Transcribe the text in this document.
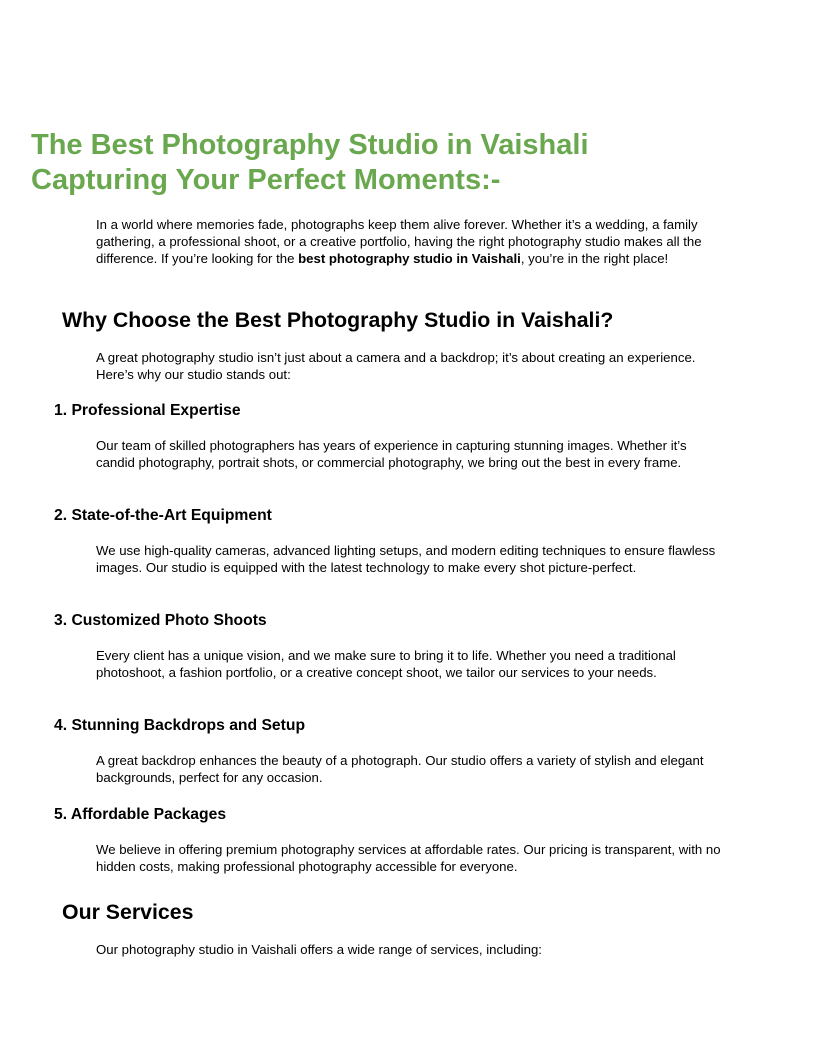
The Best Photography Studio in Vaishali
Capturing Your Perfect Moments:-

In a world where memories fade, photographs keep them alive forever. Whether it’s a wedding, a family gathering, a professional shoot, or a creative portfolio, having the right photography studio makes all the difference. If you’re looking for the best photography studio in Vaishali, you’re in the right place!

Why Choose the Best Photography Studio in Vaishali?

A great photography studio isn’t just about a camera and a backdrop; it’s about creating an experience. Here’s why our studio stands out:

1. Professional Expertise

Our team of skilled photographers has years of experience in capturing stunning images. Whether it’s candid photography, portrait shots, or commercial photography, we bring out the best in every frame.

2. State-of-the-Art Equipment

We use high-quality cameras, advanced lighting setups, and modern editing techniques to ensure flawless images. Our studio is equipped with the latest technology to make every shot picture-perfect.

3. Customized Photo Shoots

Every client has a unique vision, and we make sure to bring it to life. Whether you need a traditional photoshoot, a fashion portfolio, or a creative concept shoot, we tailor our services to your needs.

4. Stunning Backdrops and Setup

A great backdrop enhances the beauty of a photograph. Our studio offers a variety of stylish and elegant backgrounds, perfect for any occasion.

5. Affordable Packages

We believe in offering premium photography services at affordable rates. Our pricing is transparent, with no hidden costs, making professional photography accessible for everyone.

Our Services

Our photography studio in Vaishali offers a wide range of services, including:
